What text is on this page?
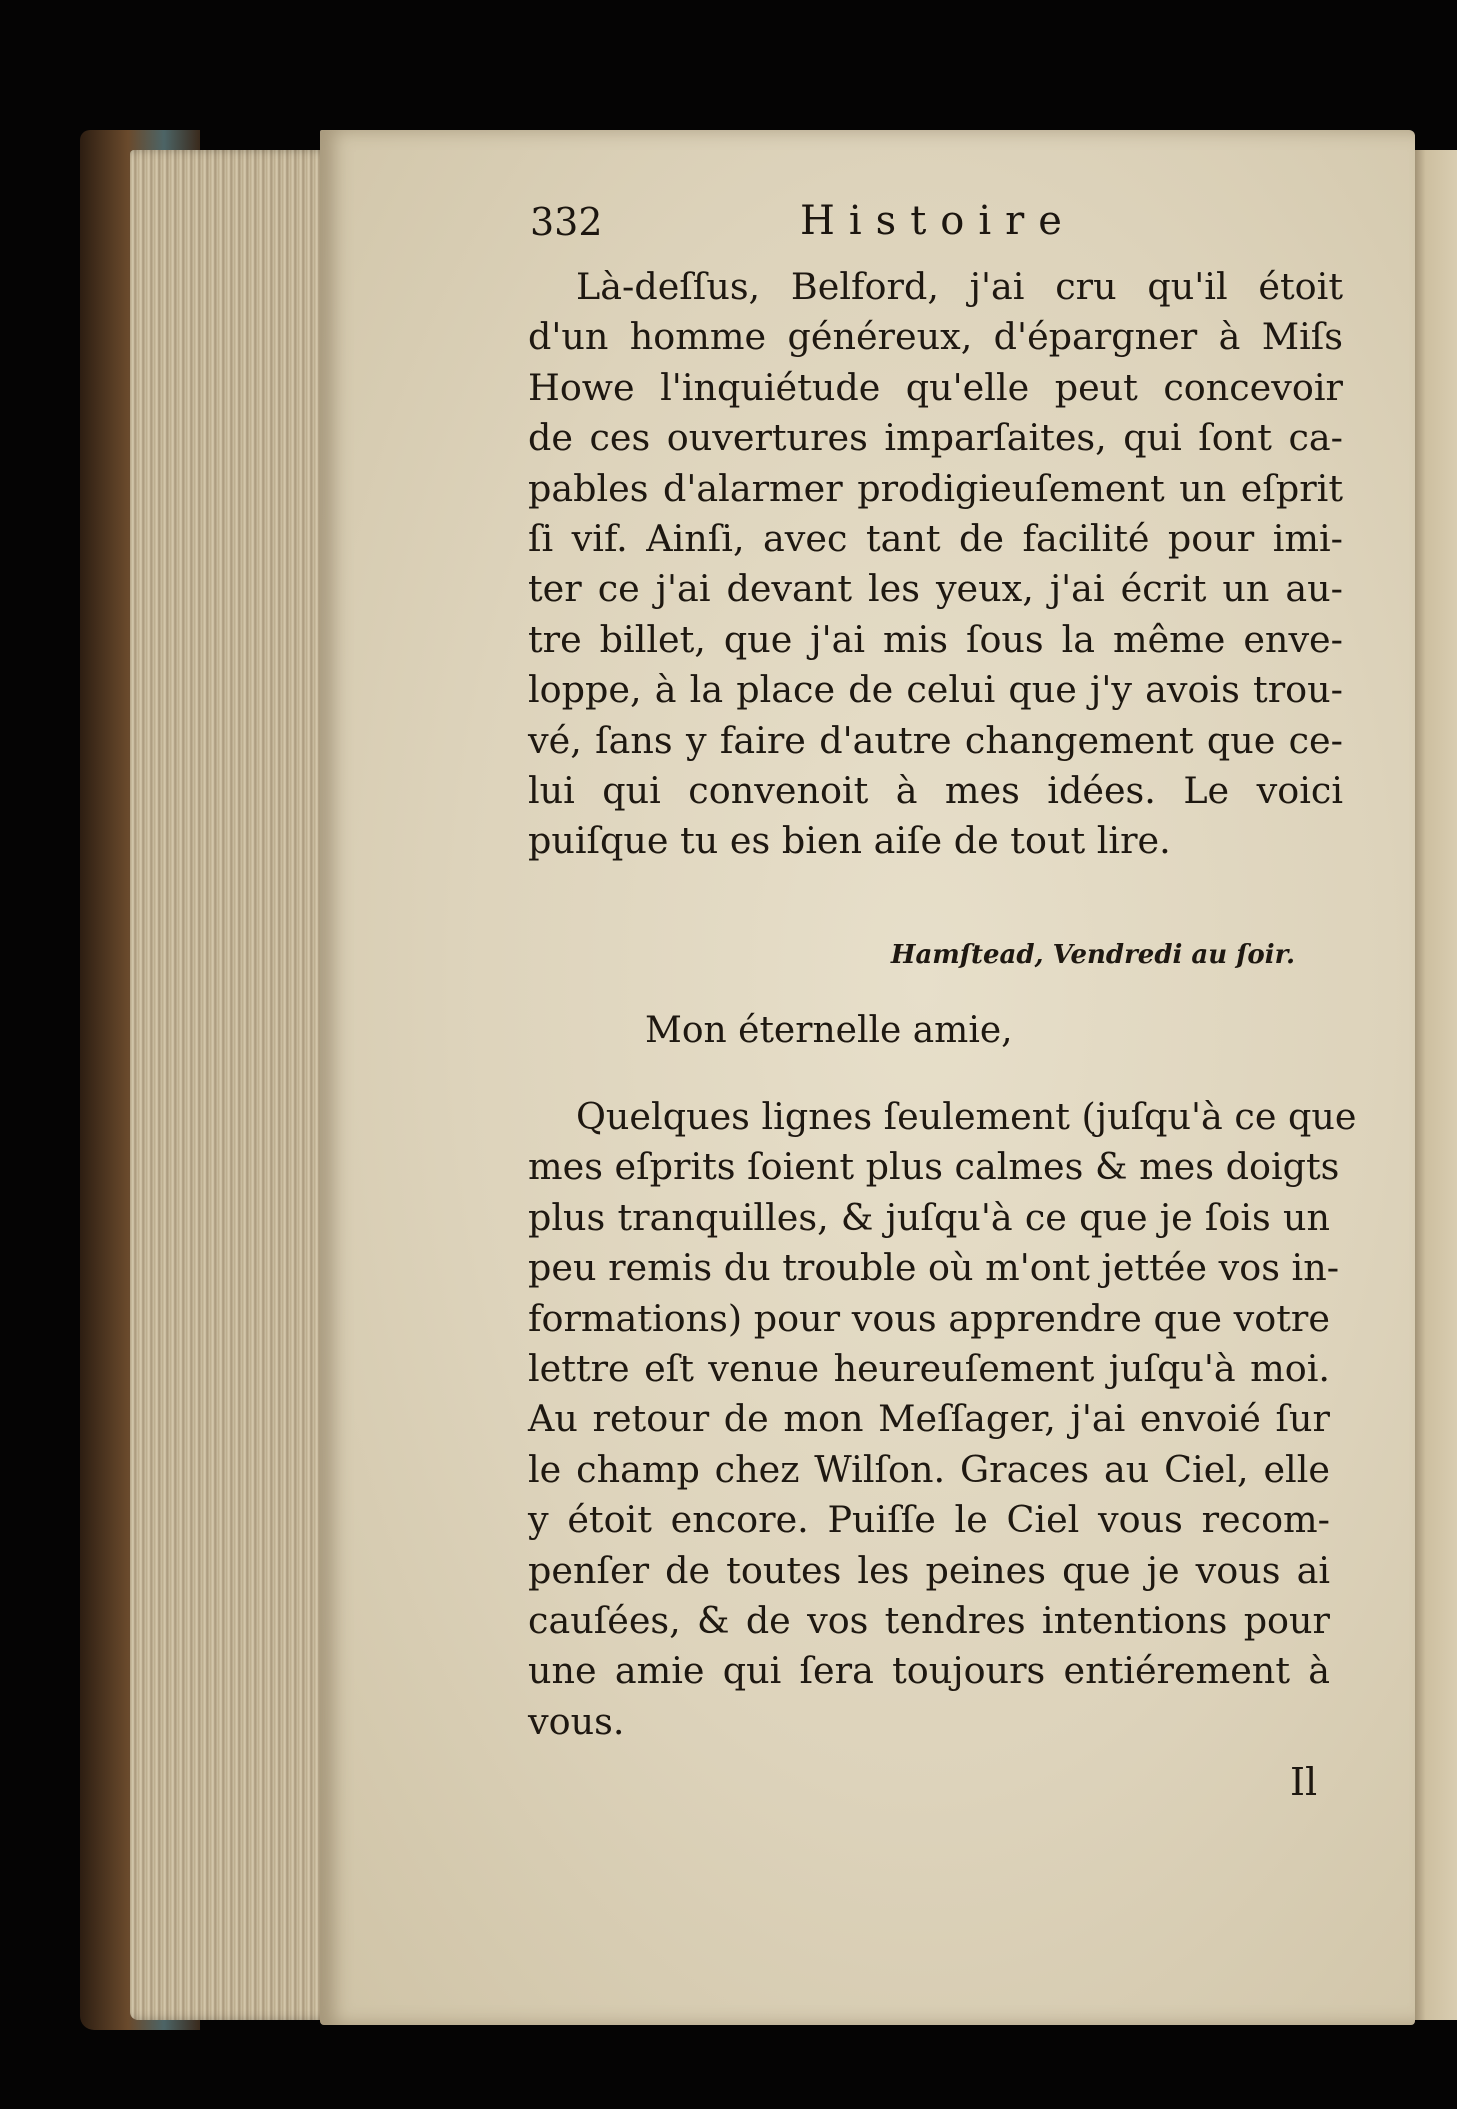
332	Histoire
Là-deſſus, Belford, j'ai cru qu'il étoit
d'un homme généreux, d'épargner à Miſs
Howe l'inquiétude qu'elle peut concevoir
de ces ouvertures imparſaites, qui ſont ca-
pables d'alarmer prodigieuſement un eſprit
ſi vif. Ainſi, avec tant de facilité pour imi-
ter ce j'ai devant les yeux, j'ai écrit un au-
tre billet, que j'ai mis ſous la même enve-
loppe, à la place de celui que j'y avois trou-
vé, ſans y faire d'autre changement que ce-
lui qui convenoit à mes idées. Le voici
puiſque tu es bien aiſe de tout lire.
Hamſtead, Vendredi au ſoir.
Mon éternelle amie,
Quelques lignes ſeulement (juſqu'à ce que
mes eſprits ſoient plus calmes & mes doigts
plus tranquilles, & juſqu'à ce que je ſois un
peu remis du trouble où m'ont jettée vos in-
formations) pour vous apprendre que votre
lettre eſt venue heureuſement juſqu'à moi.
Au retour de mon Meſſager, j'ai envoié ſur
le champ chez Wilſon. Graces au Ciel, elle
y étoit encore. Puiſſe le Ciel vous recom-
penſer de toutes les peines que je vous ai
cauſées, & de vos tendres intentions pour
une amie qui ſera toujours entiérement à
vous.
Il
